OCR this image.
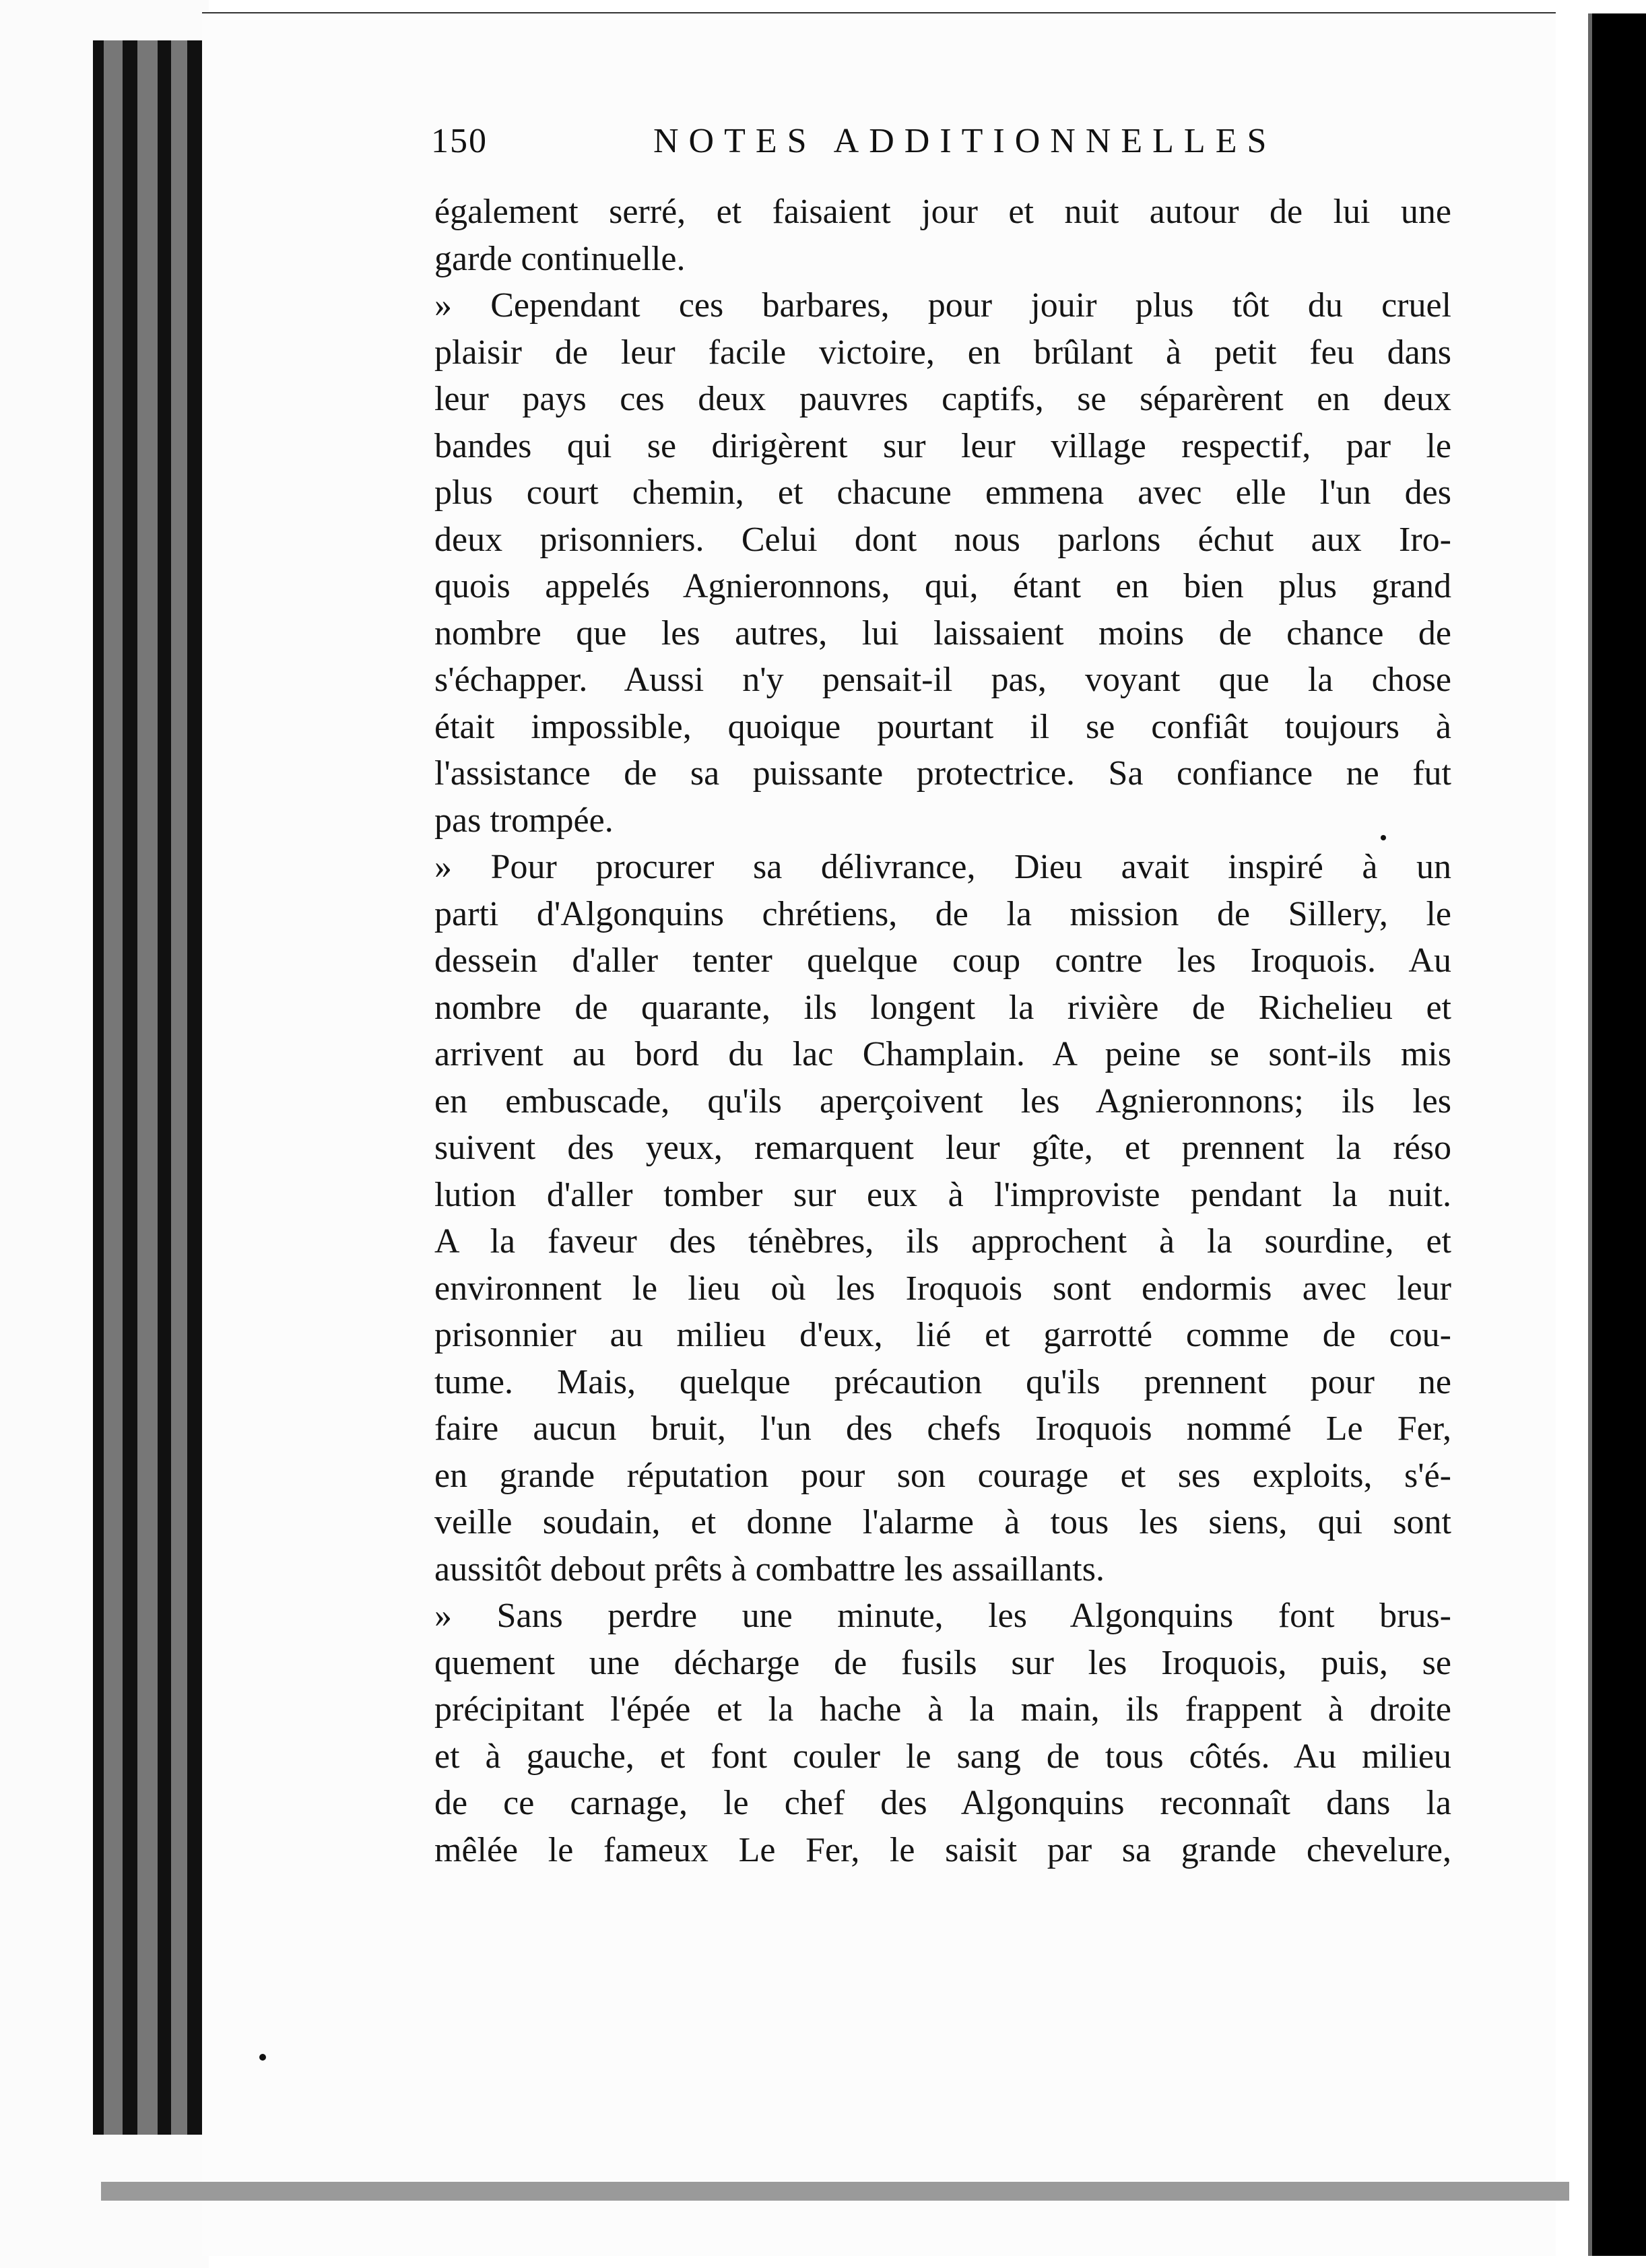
150	NOTES ADDITIONNELLES
également serré, et faisaient jour et nuit autour de lui une
garde continuelle.
» Cependant ces barbares, pour jouir plus tôt du cruel
plaisir de leur facile victoire, en brûlant à petit feu dans
leur pays ces deux pauvres captifs, se séparèrent en deux
bandes qui se dirigèrent sur leur village respectif, par le
plus court chemin, et chacune emmena avec elle l'un des
deux prisonniers. Celui dont nous parlons échut aux Iro-
quois appelés Agnieronnons, qui, étant en bien plus grand
nombre que les autres, lui laissaient moins de chance de
s'échapper. Aussi n'y pensait-il pas, voyant que la chose
était impossible, quoique pourtant il se confiât toujours à
l'assistance de sa puissante protectrice. Sa confiance ne fut
pas trompée.
» Pour procurer sa délivrance, Dieu avait inspiré à un
parti d'Algonquins chrétiens, de la mission de Sillery, le
dessein d'aller tenter quelque coup contre les Iroquois. Au
nombre de quarante, ils longent la rivière de Richelieu et
arrivent au bord du lac Champlain. A peine se sont-ils mis
en embuscade, qu'ils aperçoivent les Agnieronnons; ils les
suivent des yeux, remarquent leur gîte, et prennent la réso
lution d'aller tomber sur eux à l'improviste pendant la nuit.
A la faveur des ténèbres, ils approchent à la sourdine, et
environnent le lieu où les Iroquois sont endormis avec leur
prisonnier au milieu d'eux, lié et garrotté comme de cou-
tume. Mais, quelque précaution qu'ils prennent pour ne
faire aucun bruit, l'un des chefs Iroquois nommé Le Fer,
en grande réputation pour son courage et ses exploits, s'é-
veille soudain, et donne l'alarme à tous les siens, qui sont
aussitôt debout prêts à combattre les assaillants.
» Sans perdre une minute, les Algonquins font brus-
quement une décharge de fusils sur les Iroquois, puis, se
précipitant l'épée et la hache à la main, ils frappent à droite
et à gauche, et font couler le sang de tous côtés. Au milieu
de ce carnage, le chef des Algonquins reconnaît dans la
mêlée le fameux Le Fer, le saisit par sa grande chevelure,
